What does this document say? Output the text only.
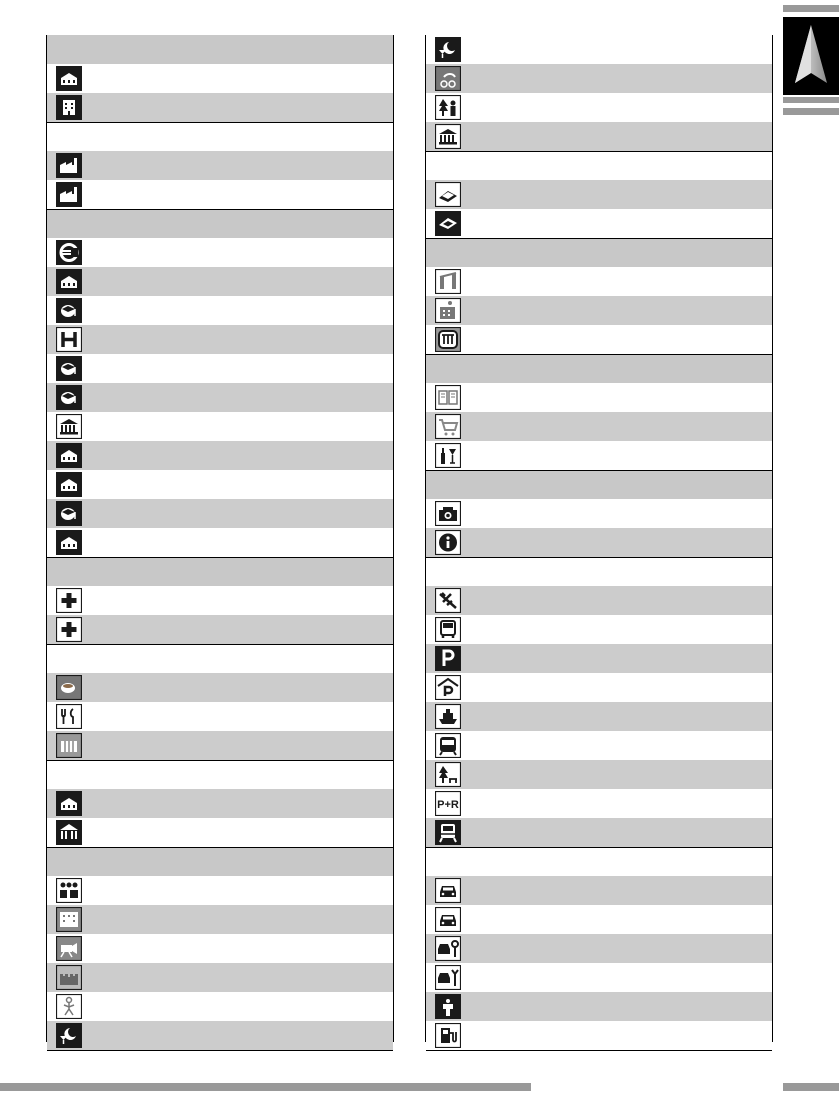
P+R
